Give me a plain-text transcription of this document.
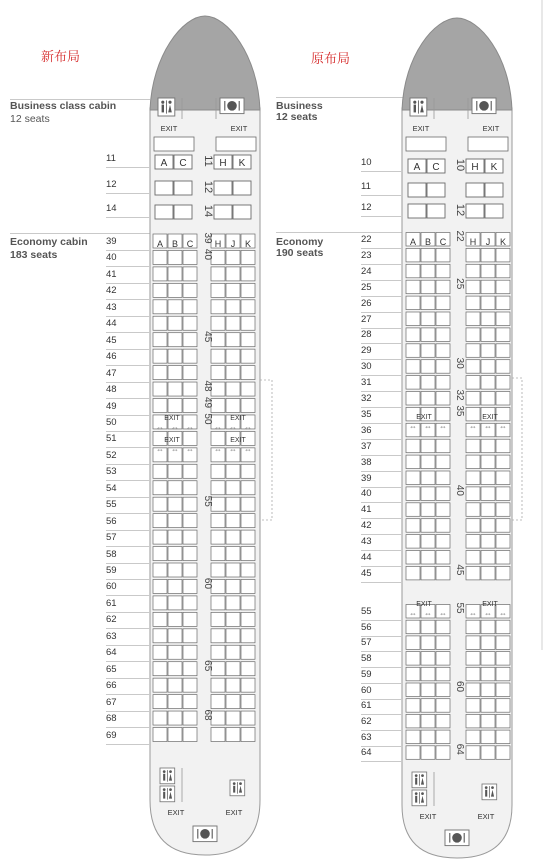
新布局	原布局
Business class cabin
12 seats
Economy cabin
183 seats
Business
12 seats
Economy
190 seats
EXIT	EXIT
A C	H K
11
12
14
A B C H J K
39
40
45
48
49
50
55
60
65
68
EXIT	EXIT
⇔ ⇔ ⇔	⇔ ⇔ ⇔
EXIT	EXIT
⇔ ⇔ ⇔	⇔ ⇔ ⇔
EXIT	EXIT
EXIT	EXIT
A C	H K
10
12
A B C	H J K
22
25
30
32
35
40
45
55
60
64
EXIT	EXIT
⇔ ⇔ ⇔	⇔ ⇔ ⇔
EXIT	EXIT
⇔ ⇔ ⇔	⇔ ⇔ ⇔
EXIT	EXIT
11
12
14
39
40
41
42
43
44
45
46
47
48
49
50
51
52
53
54
55
56
57
58
59
60
61
62
63
64
65
66
67
68
69
10
11
12
22
23
24
25
26
27
28
29
30
31
32
35
36
37
38
39
40
41
42
43
44
45
55
56
57
58
59
60
61
62
63
64
